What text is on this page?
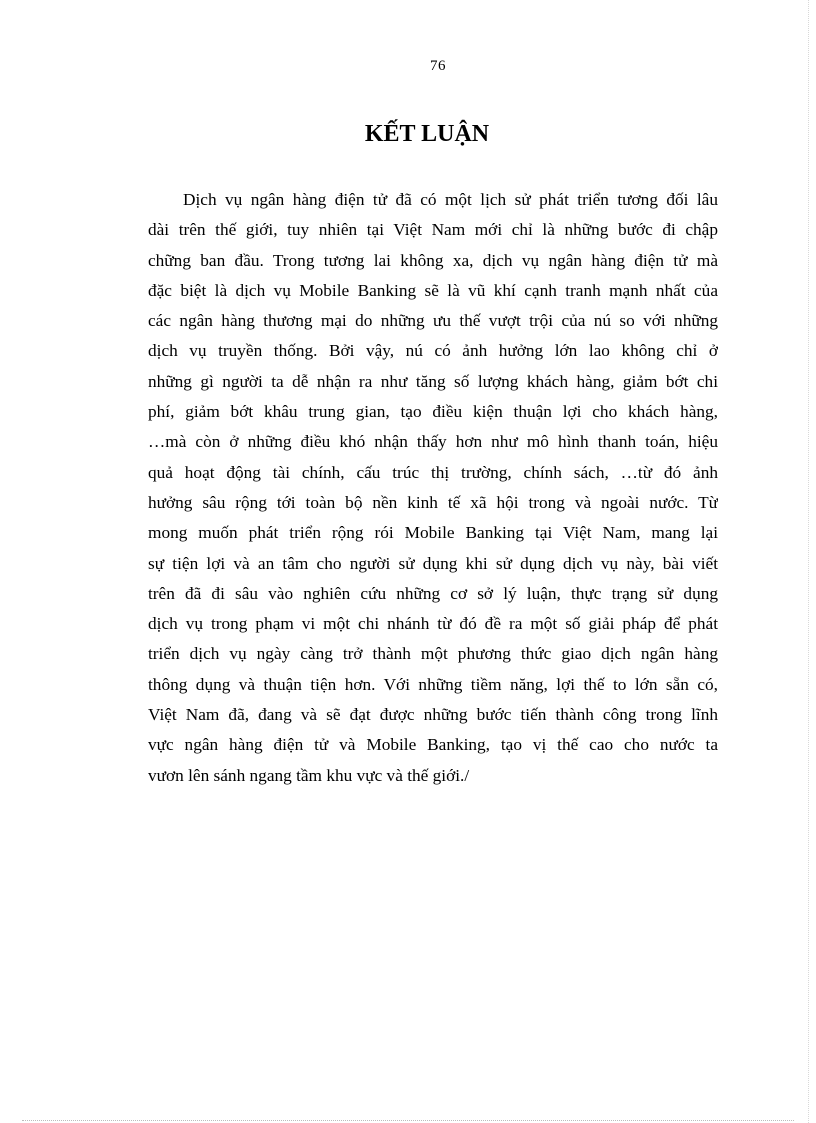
76
KẾT LUẬN
Dịch vụ ngân hàng điện tử đã có một lịch sử phát triển tương đối lâu
dài trên thế giới, tuy nhiên tại Việt Nam mới chỉ là những bước đi chập
chững ban đầu. Trong tương lai không xa, dịch vụ ngân hàng điện tử mà
đặc biệt là dịch vụ Mobile Banking sẽ là vũ khí cạnh tranh mạnh nhất của
các ngân hàng thương mại do những ưu thế vượt trội của nú so với những
dịch vụ truyền thống. Bởi vậy, nú có ảnh hưởng lớn lao không chỉ ở
những gì người ta dễ nhận ra như tăng số lượng khách hàng, giảm bớt chi
phí, giảm bớt khâu trung gian, tạo điều kiện thuận lợi cho khách hàng,
…mà còn ở những điều khó nhận thấy hơn như mô hình thanh toán, hiệu
quả hoạt động tài chính, cấu trúc thị trường, chính sách, …từ đó ảnh
hưởng sâu rộng tới toàn bộ nền kinh tế xã hội trong và ngoài nước. Từ
mong muốn phát triển rộng rói Mobile Banking tại Việt Nam, mang lại
sự tiện lợi và an tâm cho người sử dụng khi sử dụng dịch vụ này, bài viết
trên đã đi sâu vào nghiên cứu những cơ sở lý luận, thực trạng sử dụng
dịch vụ trong phạm vi một chi nhánh từ đó đề ra một số giải pháp để phát
triển dịch vụ ngày càng trở thành một phương thức giao dịch ngân hàng
thông dụng và thuận tiện hơn. Với những tiềm năng, lợi thế to lớn sẵn có,
Việt Nam đã, đang và sẽ đạt được những bước tiến thành công trong lĩnh
vực ngân hàng điện tử và Mobile Banking, tạo vị thế cao cho nước ta
vươn lên sánh ngang tầm khu vực và thế giới./
